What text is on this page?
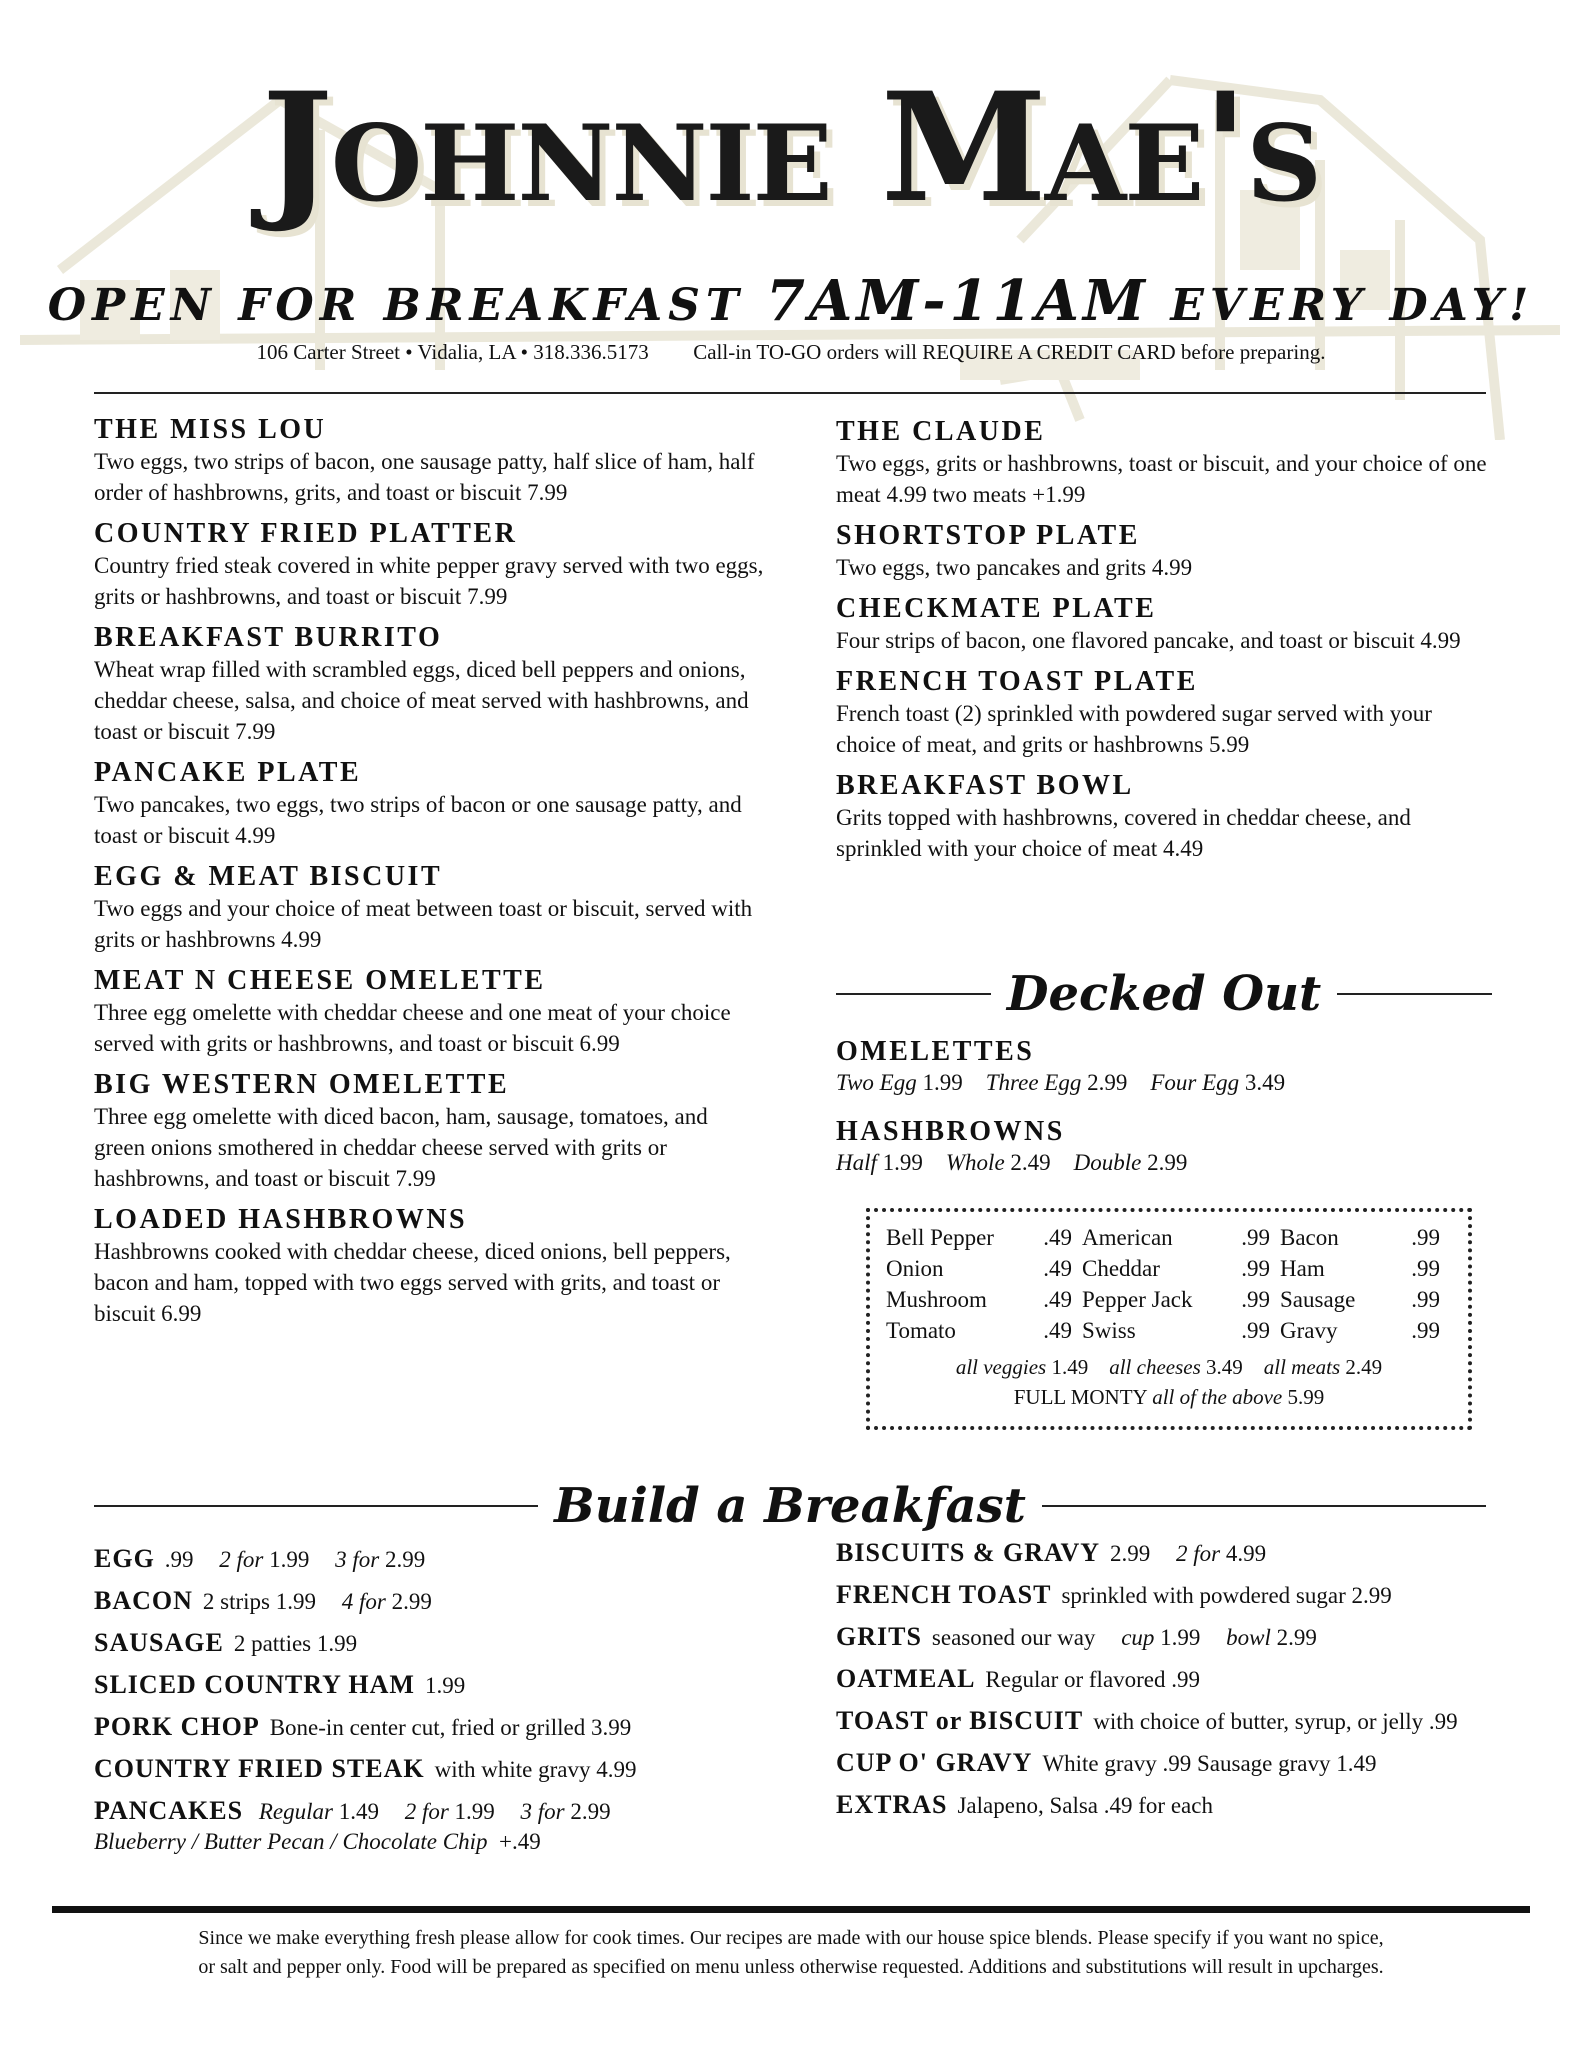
Johnnie Mae's
OPEN FOR BREAKFAST 7AM-11AM EVERY DAY!
106 Carter Street • Vidalia, LA • 318.336.5173 Call-in TO-GO orders will REQUIRE A CREDIT CARD before preparing.
THE MISS LOU

Two eggs, two strips of bacon, one sausage patty, half slice of ham, half order of hashbrowns, grits, and toast or biscuit 7.99

COUNTRY FRIED PLATTER

Country fried steak covered in white pepper gravy served with two eggs, grits or hashbrowns, and toast or biscuit 7.99

BREAKFAST BURRITO

Wheat wrap filled with scrambled eggs, diced bell peppers and onions, cheddar cheese, salsa, and choice of meat served with hashbrowns, and toast or biscuit 7.99

PANCAKE PLATE

Two pancakes, two eggs, two strips of bacon or one sausage patty, and toast or biscuit 4.99

EGG & MEAT BISCUIT

Two eggs and your choice of meat between toast or biscuit, served with grits or hashbrowns 4.99

MEAT N CHEESE OMELETTE

Three egg omelette with cheddar cheese and one meat of your choice served with grits or hashbrowns, and toast or biscuit 6.99

BIG WESTERN OMELETTE

Three egg omelette with diced bacon, ham, sausage, tomatoes, and green onions smothered in cheddar cheese served with grits or hashbrowns, and toast or biscuit 7.99

LOADED HASHBROWNS

Hashbrowns cooked with cheddar cheese, diced onions, bell peppers, bacon and ham, topped with two eggs served with grits, and toast or biscuit 6.99

THE CLAUDE

Two eggs, grits or hashbrowns, toast or biscuit, and your choice of one meat 4.99 two meats +1.99

SHORTSTOP PLATE

Two eggs, two pancakes and grits 4.99

CHECKMATE PLATE

Four strips of bacon, one flavored pancake, and toast or biscuit 4.99

FRENCH TOAST PLATE

French toast (2) sprinkled with powdered sugar served with your choice of meat, and grits or hashbrowns 5.99

BREAKFAST BOWL

Grits topped with hashbrowns, covered in cheddar cheese, and sprinkled with your choice of meat 4.49

Decked Out
OMELETTES

Two Egg 1.99 Three Egg 2.99 Four Egg 3.49

HASHBROWNS

Half 1.99 Whole 2.49 Double 2.99

Bell Pepper	.49 American	.99 Bacon	.99
Onion	.49 Cheddar	.99 Ham	.99
Mushroom	.49 Pepper Jack	.99 Sausage	.99
Tomato	.49 Swiss	.99 Gravy	.99
all veggies 1.49 all cheeses 3.49 all meats 2.49
FULL MONTY all of the above 5.99
Build a Breakfast
EGG .99 2 for 1.99 3 for 2.99
BACON 2 strips 1.99 4 for 2.99
SAUSAGE 2 patties 1.99
SLICED COUNTRY HAM 1.99
PORK CHOP Bone-in center cut, fried or grilled 3.99
COUNTRY FRIED STEAK with white gravy 4.99
PANCAKES Regular 1.49 2 for 1.99 3 for 2.99
Blueberry / Butter Pecan / Chocolate Chip +.49
BISCUITS & GRAVY 2.99 2 for 4.99
FRENCH TOAST sprinkled with powdered sugar 2.99
GRITS seasoned our way cup 1.99 bowl 2.99
OATMEAL Regular or flavored .99
TOAST or BISCUIT with choice of butter, syrup, or jelly .99
CUP O' GRAVY White gravy .99 Sausage gravy 1.49
EXTRAS Jalapeno, Salsa .49 for each
Since we make everything fresh please allow for cook times. Our recipes are made with our house spice blends. Please specify if you want no spice,
or salt and pepper only. Food will be prepared as specified on menu unless otherwise requested. Additions and substitutions will result in upcharges.
